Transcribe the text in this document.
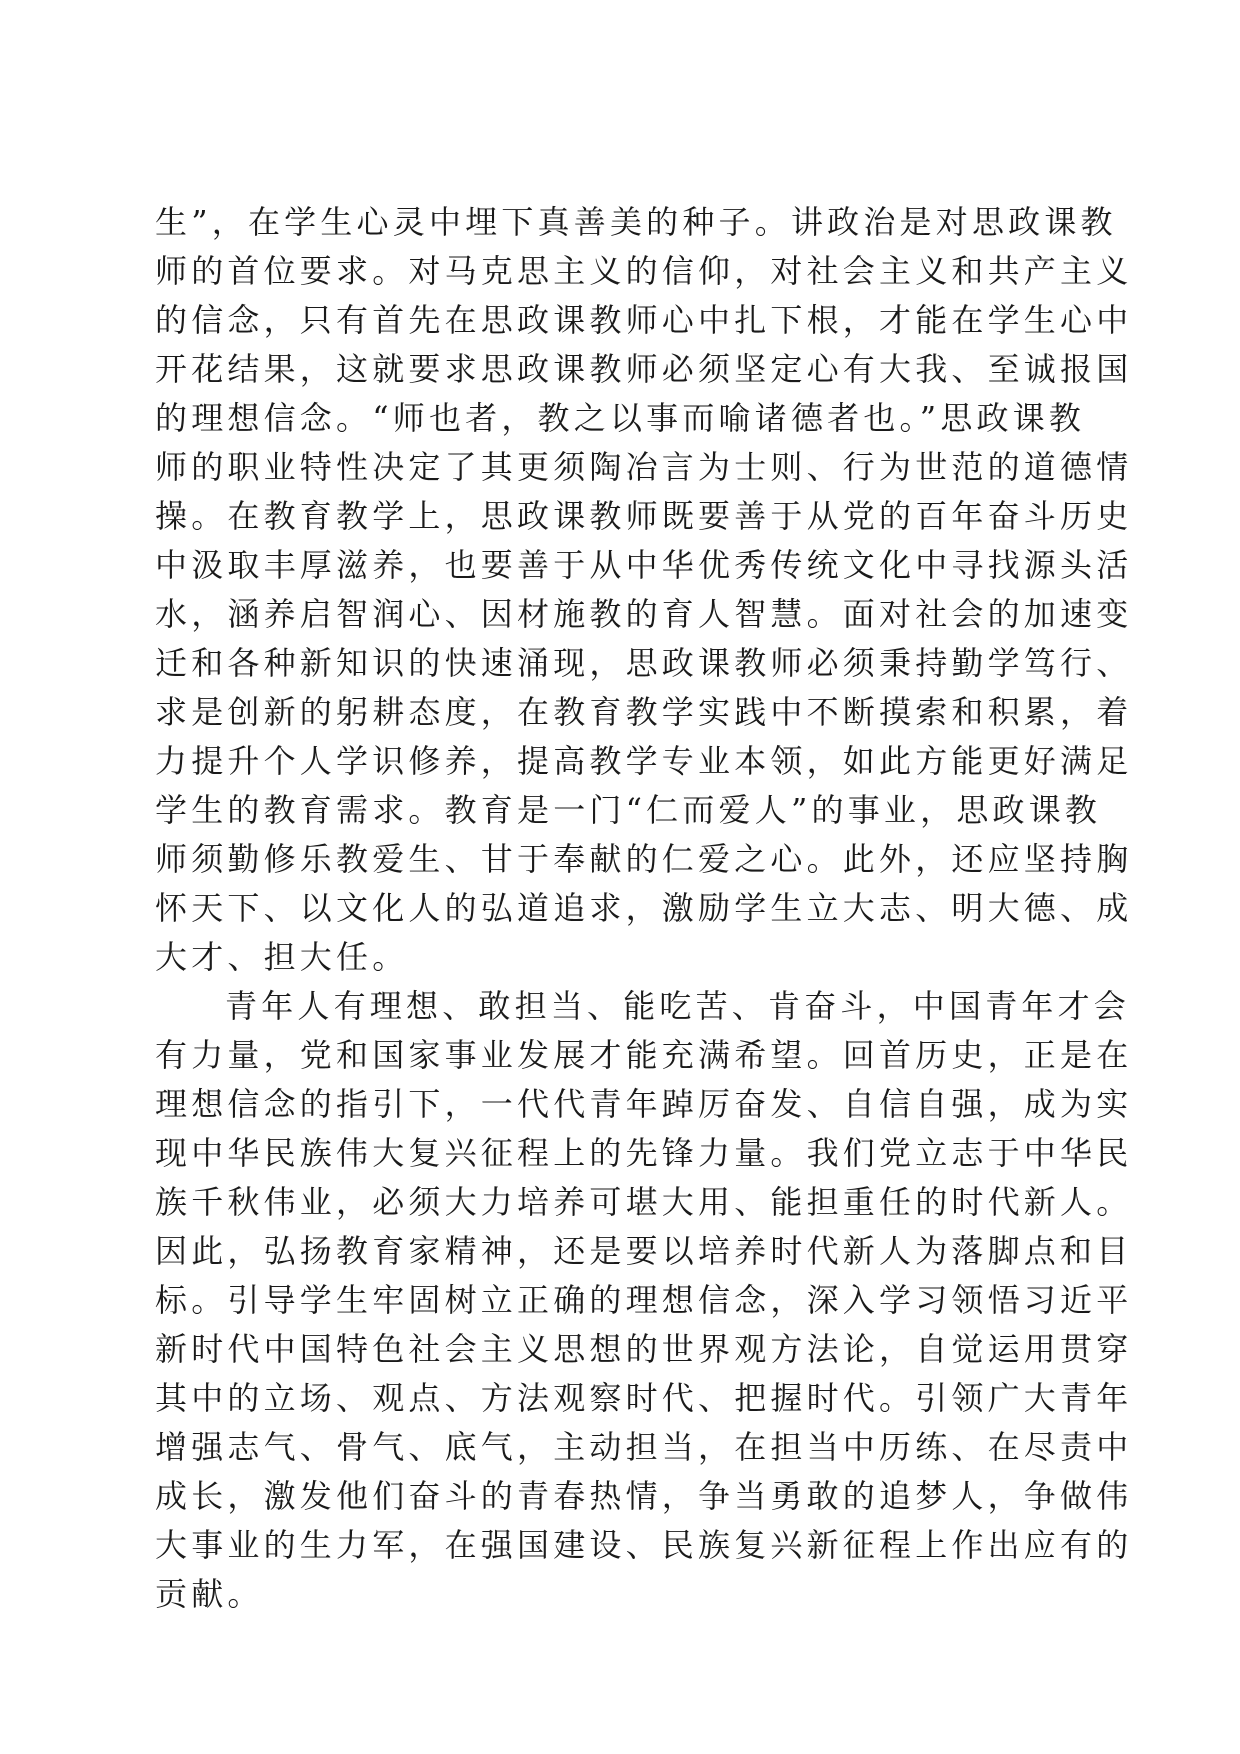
生”，在学生心灵中埋下真善美的种子。讲政治是对思政课教
师的首位要求。对马克思主义的信仰，对社会主义和共产主义
的信念，只有首先在思政课教师心中扎下根，才能在学生心中
开花结果，这就要求思政课教师必须坚定心有大我、至诚报国
的理想信念。“师也者，教之以事而喻诸德者也。”思政课教
师的职业特性决定了其更须陶冶言为士则、行为世范的道德情
操。在教育教学上，思政课教师既要善于从党的百年奋斗历史
中汲取丰厚滋养，也要善于从中华优秀传统文化中寻找源头活
水，涵养启智润心、因材施教的育人智慧。面对社会的加速变
迁和各种新知识的快速涌现，思政课教师必须秉持勤学笃行、
求是创新的躬耕态度，在教育教学实践中不断摸索和积累，着
力提升个人学识修养，提高教学专业本领，如此方能更好满足
学生的教育需求。教育是一门“仁而爱人”的事业，思政课教
师须勤修乐教爱生、甘于奉献的仁爱之心。此外，还应坚持胸
怀天下、以文化人的弘道追求，激励学生立大志、明大德、成
大才、担大任。
青年人有理想、敢担当、能吃苦、肯奋斗，中国青年才会
有力量，党和国家事业发展才能充满希望。回首历史，正是在
理想信念的指引下，一代代青年踔厉奋发、自信自强，成为实
现中华民族伟大复兴征程上的先锋力量。我们党立志于中华民
族千秋伟业，必须大力培养可堪大用、能担重任的时代新人。
因此，弘扬教育家精神，还是要以培养时代新人为落脚点和目
标。引导学生牢固树立正确的理想信念，深入学习领悟习近平
新时代中国特色社会主义思想的世界观方法论，自觉运用贯穿
其中的立场、观点、方法观察时代、把握时代。引领广大青年
增强志气、骨气、底气，主动担当，在担当中历练、在尽责中
成长，激发他们奋斗的青春热情，争当勇敢的追梦人，争做伟
大事业的生力军，在强国建设、民族复兴新征程上作出应有的
贡献。
